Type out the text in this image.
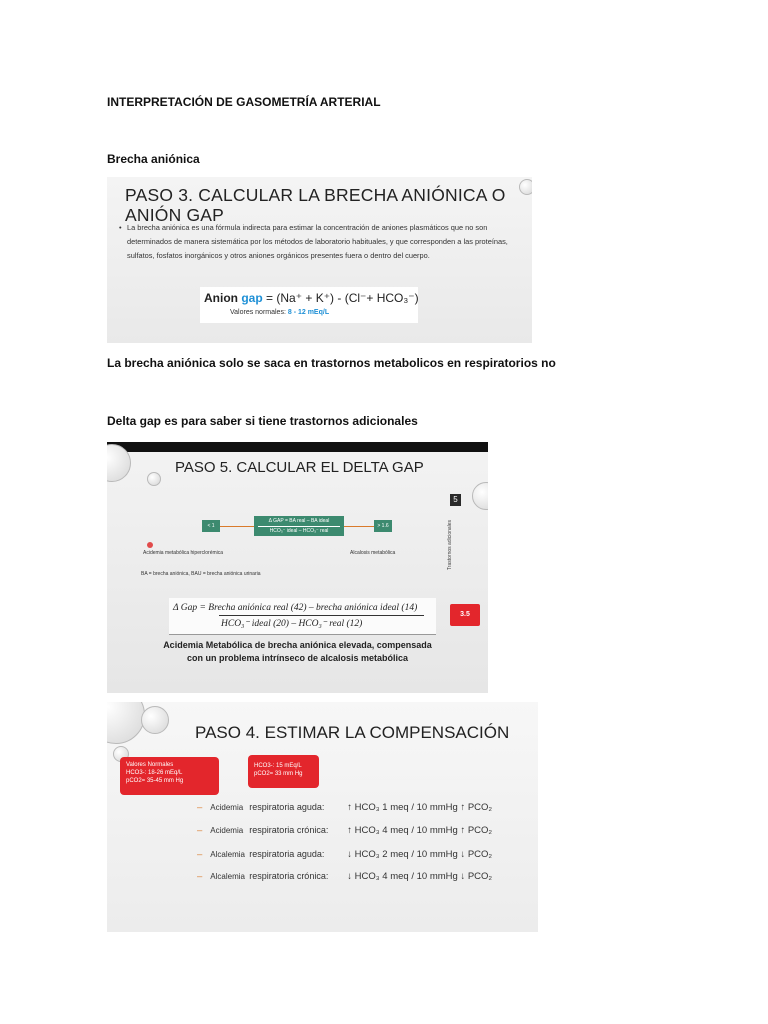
INTERPRETACIÓN DE GASOMETRÍA ARTERIAL
Brecha aniónica
PASO 3. CALCULAR LA BRECHA ANIÓNICA O ANIÓN GAP
• La brecha aniónica es una fórmula indirecta para estimar la concentración de aniones plasmáticos que no son determinados de manera sistemática por los métodos de laboratorio habituales, y que corresponden a las proteínas, sulfatos, fosfatos inorgánicos y otros aniones orgánicos presentes fuera o dentro del cuerpo.
Anion gap = (Na⁺ + K⁺) - (Cl⁻+ HCO₃⁻)
Valores normales: 8 - 12 mEq/L
La brecha aniónica solo se saca en trastornos metabolicos en respiratorios no
Delta gap es para saber si tiene trastornos adicionales
PASO 5. CALCULAR EL DELTA GAP
5
Trastornos adicionales
< 1
Δ GAP = BA real – BA ideal
HCO₃⁻ ideal – HCO₃⁻ real
> 1.6
Acidemia metabólica hiperclorémica	Alcalosis metabólica
BA = brecha aniónica, BAU = brecha aniónica urinaria
Δ Gap = Brecha aniónica real (42) – brecha aniónica ideal (14)
HCO₃⁻ ideal (20) – HCO₃⁻ real (12)
3.5
Acidemia Metabólica de brecha aniónica elevada, compensada
con un problema intrínseco de alcalosis metabólica
PASO 4. ESTIMAR LA COMPENSACIÓN
Valores Normales
HCO3-: 18-26 mEq/L
pCO2= 35-45 mm Hg
HCO3-: 15 mEq/L
pCO2= 33 mm Hg
– Acidemia respiratoria aguda: ↑ HCO₃ 1 meq / 10 mmHg ↑ PCO₂
– Acidemia respiratoria crónica: ↑ HCO₃ 4 meq / 10 mmHg ↑ PCO₂
– Alcalemia respiratoria aguda: ↓ HCO₃ 2 meq / 10 mmHg ↓ PCO₂
– Alcalemia respiratoria crónica: ↓ HCO₃ 4 meq / 10 mmHg ↓ PCO₂
